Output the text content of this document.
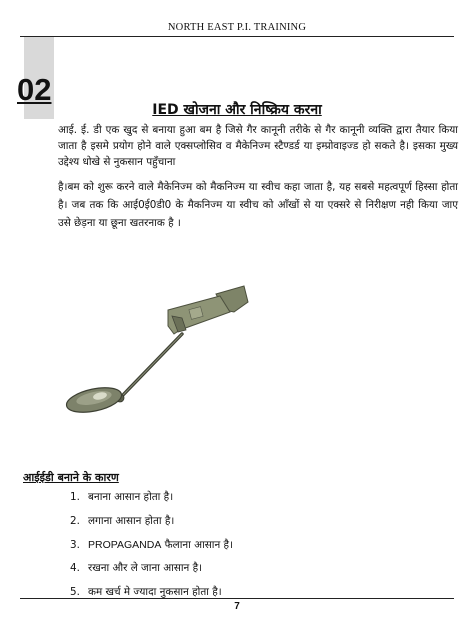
NORTH EAST P.I. TRAINING
02
IED खोजना और निष्क्रिय करना
आई. ई. डी एक खुद से बनाया हुआ बम है जिसे गैर कानूनी तरीके से गैर कानूनी व्यक्ति द्वारा तैयार किया जाता है इसमे प्रयोग होने वाले एक्सप्लोसिव व मैकेनिज्म स्टैण्डर्ड या इम्प्रोवाइज्ड हो सकते है। इसका मुख्य उद्देश्य धोखे से नुकसान पहुँचाना
है।बम को शुरू करने वाले मैकेनिज्म को मैकनिज्म या स्वीच कहा जाता है, यह सबसे महत्वपूर्ण हिस्सा होता है। जब तक कि आई0ई0डी0 के मैकनिज्म या स्वीच को आँखों से या एक्सरे से निरीक्षण नही किया जाए उसे छेड़ना या छूना खतरनाक है ।
आईईडी बनाने के कारण
1. बनाना आसान होता है।
2. लगाना आसान होता है।
3. PROPAGANDA फैलाना आसान है।
4. रखना और ले जाना आसान है।
5. कम खर्च मे ज्यादा नुकसान होता है।
7
